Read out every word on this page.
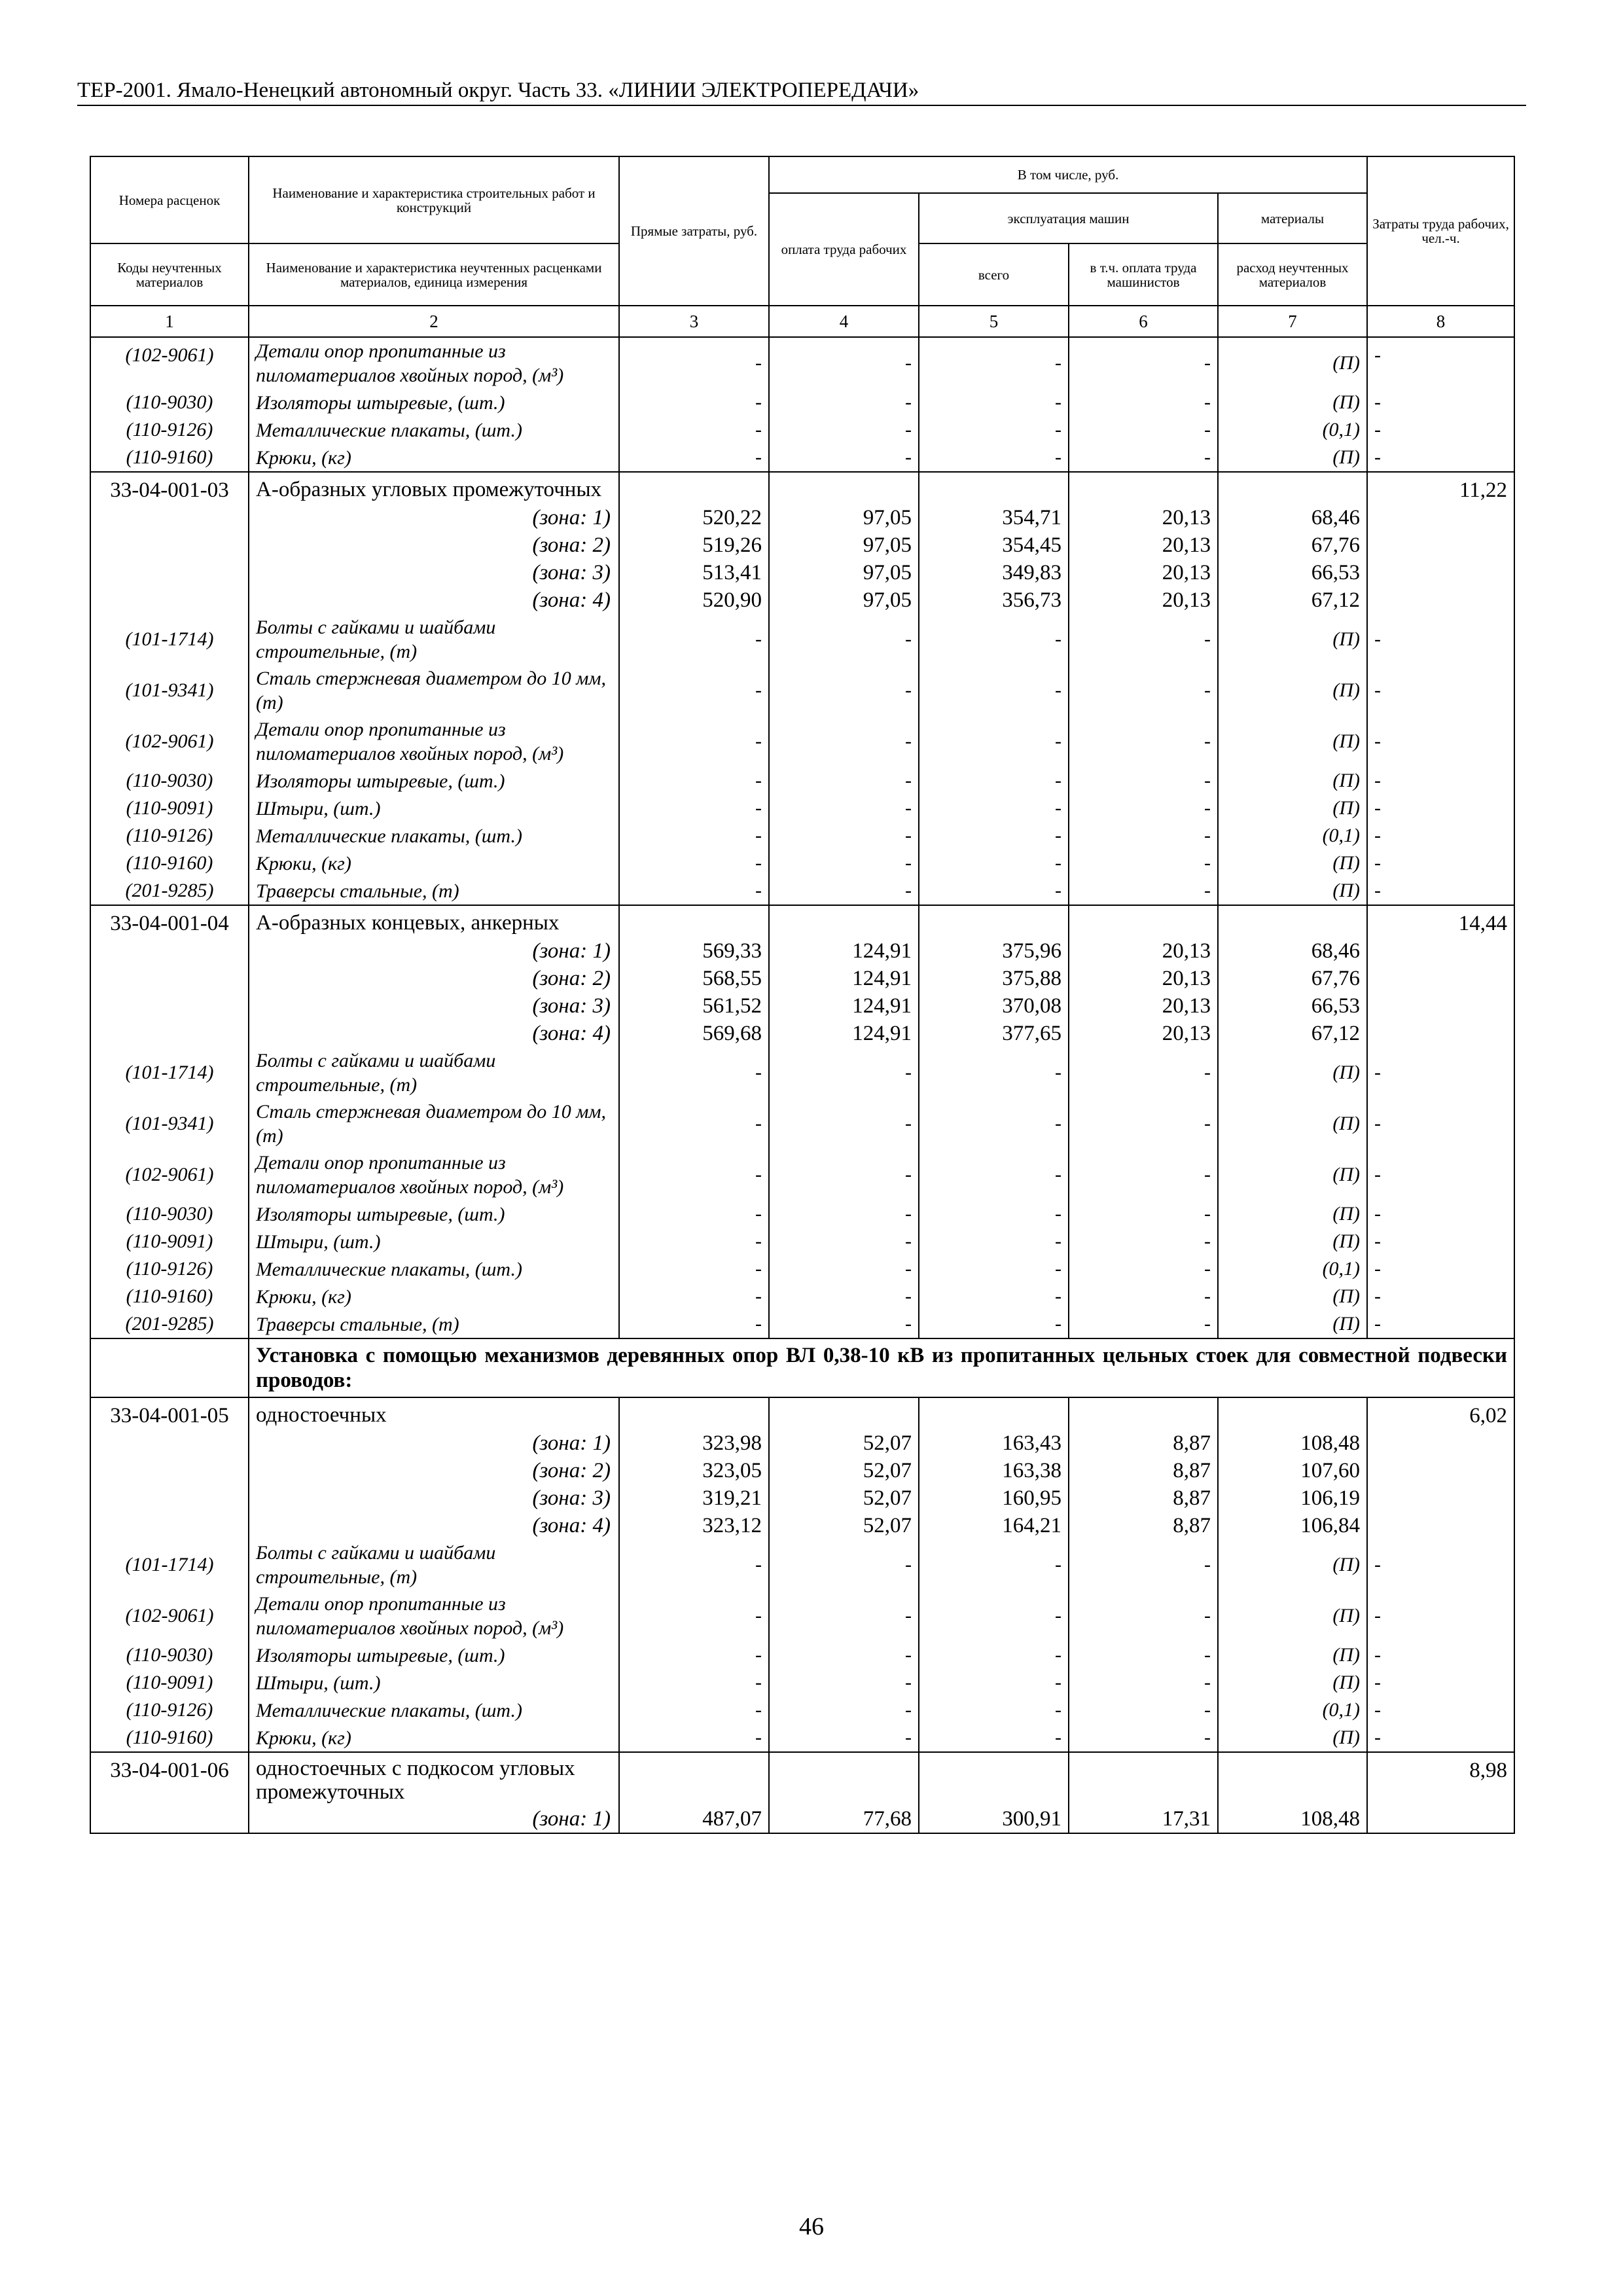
ТЕР-2001. Ямало-Ненецкий автономный округ. Часть 33. «ЛИНИИ ЭЛЕКТРОПЕРЕДАЧИ»
Номера расценок	Наименование и характеристика строительных работ и конструкций	Прямые затраты, руб.	В том числе, руб.				Затраты труда рабочих, чел.-ч.
			оплата труда рабочих	эксплуатация машин		материалы	
Коды неучтенных материалов	Наименование и характеристика неучтенных расценками материалов, единица измерения			всего	в т.ч. оплата труда машинистов	расход неучтенных материалов	
1	2	3	4	5	6	7	8
(102-9061)	Детали опор пропитанные из пиломатериалов хвойных пород, (м³)	-	-	-	-	(П)	-
(110-9030)	Изоляторы штыревые, (шт.)	-	-	-	-	(П)	-
(110-9126)	Металлические плакаты, (шт.)	-	-	-	-	(0,1)	-
(110-9160)	Крюки, (кг)	-	-	-	-	(П)	-
33-04-001-03	А-образных угловых промежуточных						11,22
	(зона: 1)	520,22	97,05	354,71	20,13	68,46	
	(зона: 2)	519,26	97,05	354,45	20,13	67,76	
	(зона: 3)	513,41	97,05	349,83	20,13	66,53	
	(зона: 4)	520,90	97,05	356,73	20,13	67,12	
(101-1714)	Болты с гайками и шайбами строительные, (т)	-	-	-	-	(П)	-
(101-9341)	Сталь стержневая диаметром до 10 мм, (т)	-	-	-	-	(П)	-
(102-9061)	Детали опор пропитанные из пиломатериалов хвойных пород, (м³)	-	-	-	-	(П)	-
(110-9030)	Изоляторы штыревые, (шт.)	-	-	-	-	(П)	-
(110-9091)	Штыри, (шт.)	-	-	-	-	(П)	-
(110-9126)	Металлические плакаты, (шт.)	-	-	-	-	(0,1)	-
(110-9160)	Крюки, (кг)	-	-	-	-	(П)	-
(201-9285)	Траверсы стальные, (т)	-	-	-	-	(П)	-
33-04-001-04	А-образных концевых, анкерных						14,44
	(зона: 1)	569,33	124,91	375,96	20,13	68,46	
	(зона: 2)	568,55	124,91	375,88	20,13	67,76	
	(зона: 3)	561,52	124,91	370,08	20,13	66,53	
	(зона: 4)	569,68	124,91	377,65	20,13	67,12	
(101-1714)	Болты с гайками и шайбами строительные, (т)	-	-	-	-	(П)	-
(101-9341)	Сталь стержневая диаметром до 10 мм, (т)	-	-	-	-	(П)	-
(102-9061)	Детали опор пропитанные из пиломатериалов хвойных пород, (м³)	-	-	-	-	(П)	-
(110-9030)	Изоляторы штыревые, (шт.)	-	-	-	-	(П)	-
(110-9091)	Штыри, (шт.)	-	-	-	-	(П)	-
(110-9126)	Металлические плакаты, (шт.)	-	-	-	-	(0,1)	-
(110-9160)	Крюки, (кг)	-	-	-	-	(П)	-
(201-9285)	Траверсы стальные, (т)	-	-	-	-	(П)	-
	Установка с помощью механизмов деревянных опор ВЛ 0,38-10 кВ из пропитанных цельных стоек для совместной подвески проводов:						
33-04-001-05	одностоечных						6,02
	(зона: 1)	323,98	52,07	163,43	8,87	108,48	
	(зона: 2)	323,05	52,07	163,38	8,87	107,60	
	(зона: 3)	319,21	52,07	160,95	8,87	106,19	
	(зона: 4)	323,12	52,07	164,21	8,87	106,84	
(101-1714)	Болты с гайками и шайбами строительные, (т)	-	-	-	-	(П)	-
(102-9061)	Детали опор пропитанные из пиломатериалов хвойных пород, (м³)	-	-	-	-	(П)	-
(110-9030)	Изоляторы штыревые, (шт.)	-	-	-	-	(П)	-
(110-9091)	Штыри, (шт.)	-	-	-	-	(П)	-
(110-9126)	Металлические плакаты, (шт.)	-	-	-	-	(0,1)	-
(110-9160)	Крюки, (кг)	-	-	-	-	(П)	-
33-04-001-06	одностоечных с подкосом угловых промежуточных						8,98
	(зона: 1)	487,07	77,68	300,91	17,31	108,48	
46
